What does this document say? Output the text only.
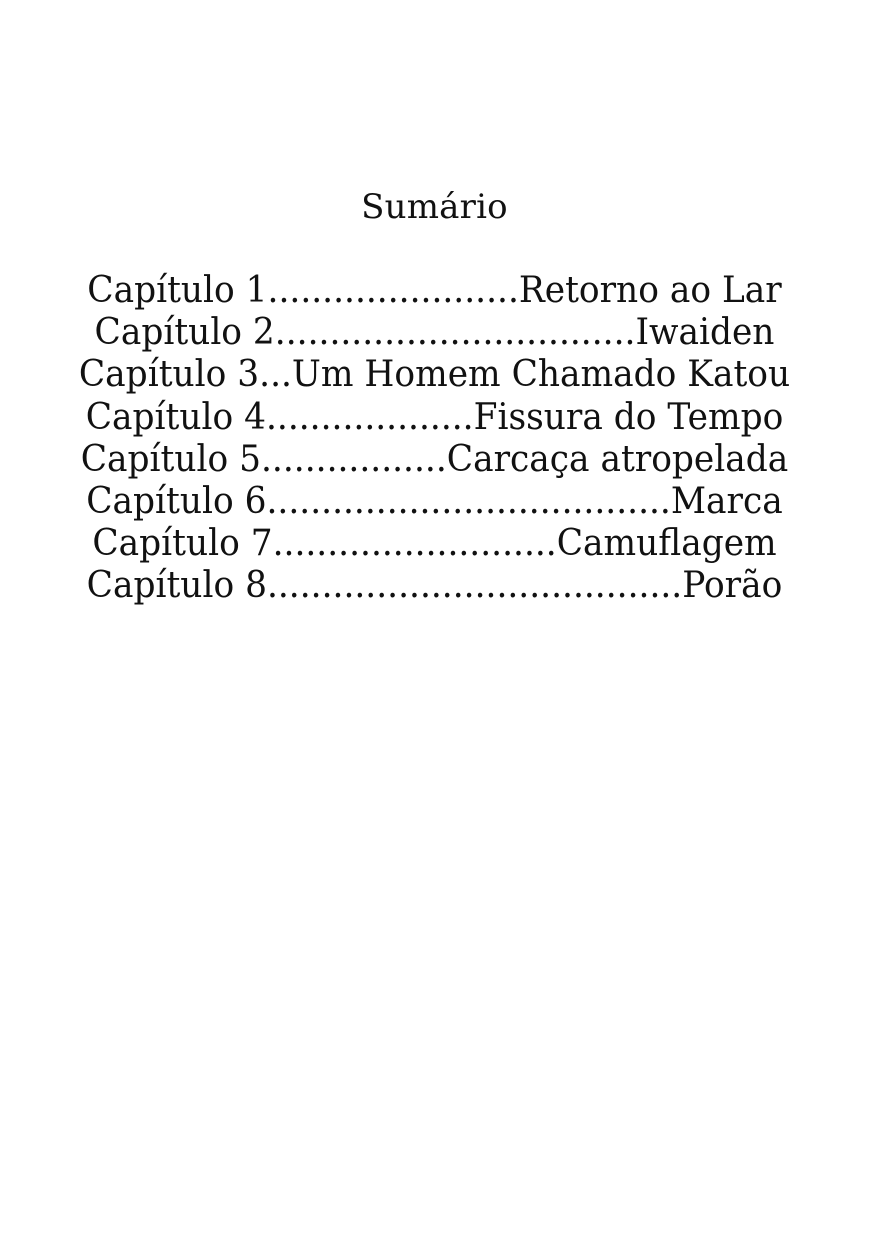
Sumário
Capítulo 1.......................Retorno ao Lar
Capítulo 2.................................Iwaiden
Capítulo 3...Um Homem Chamado Katou
Capítulo 4...................Fissura do Tempo
Capítulo 5.................Carcaça atropelada
Capítulo 6.....................................Marca
Capítulo 7..........................Camuflagem
Capítulo 8......................................Porão
